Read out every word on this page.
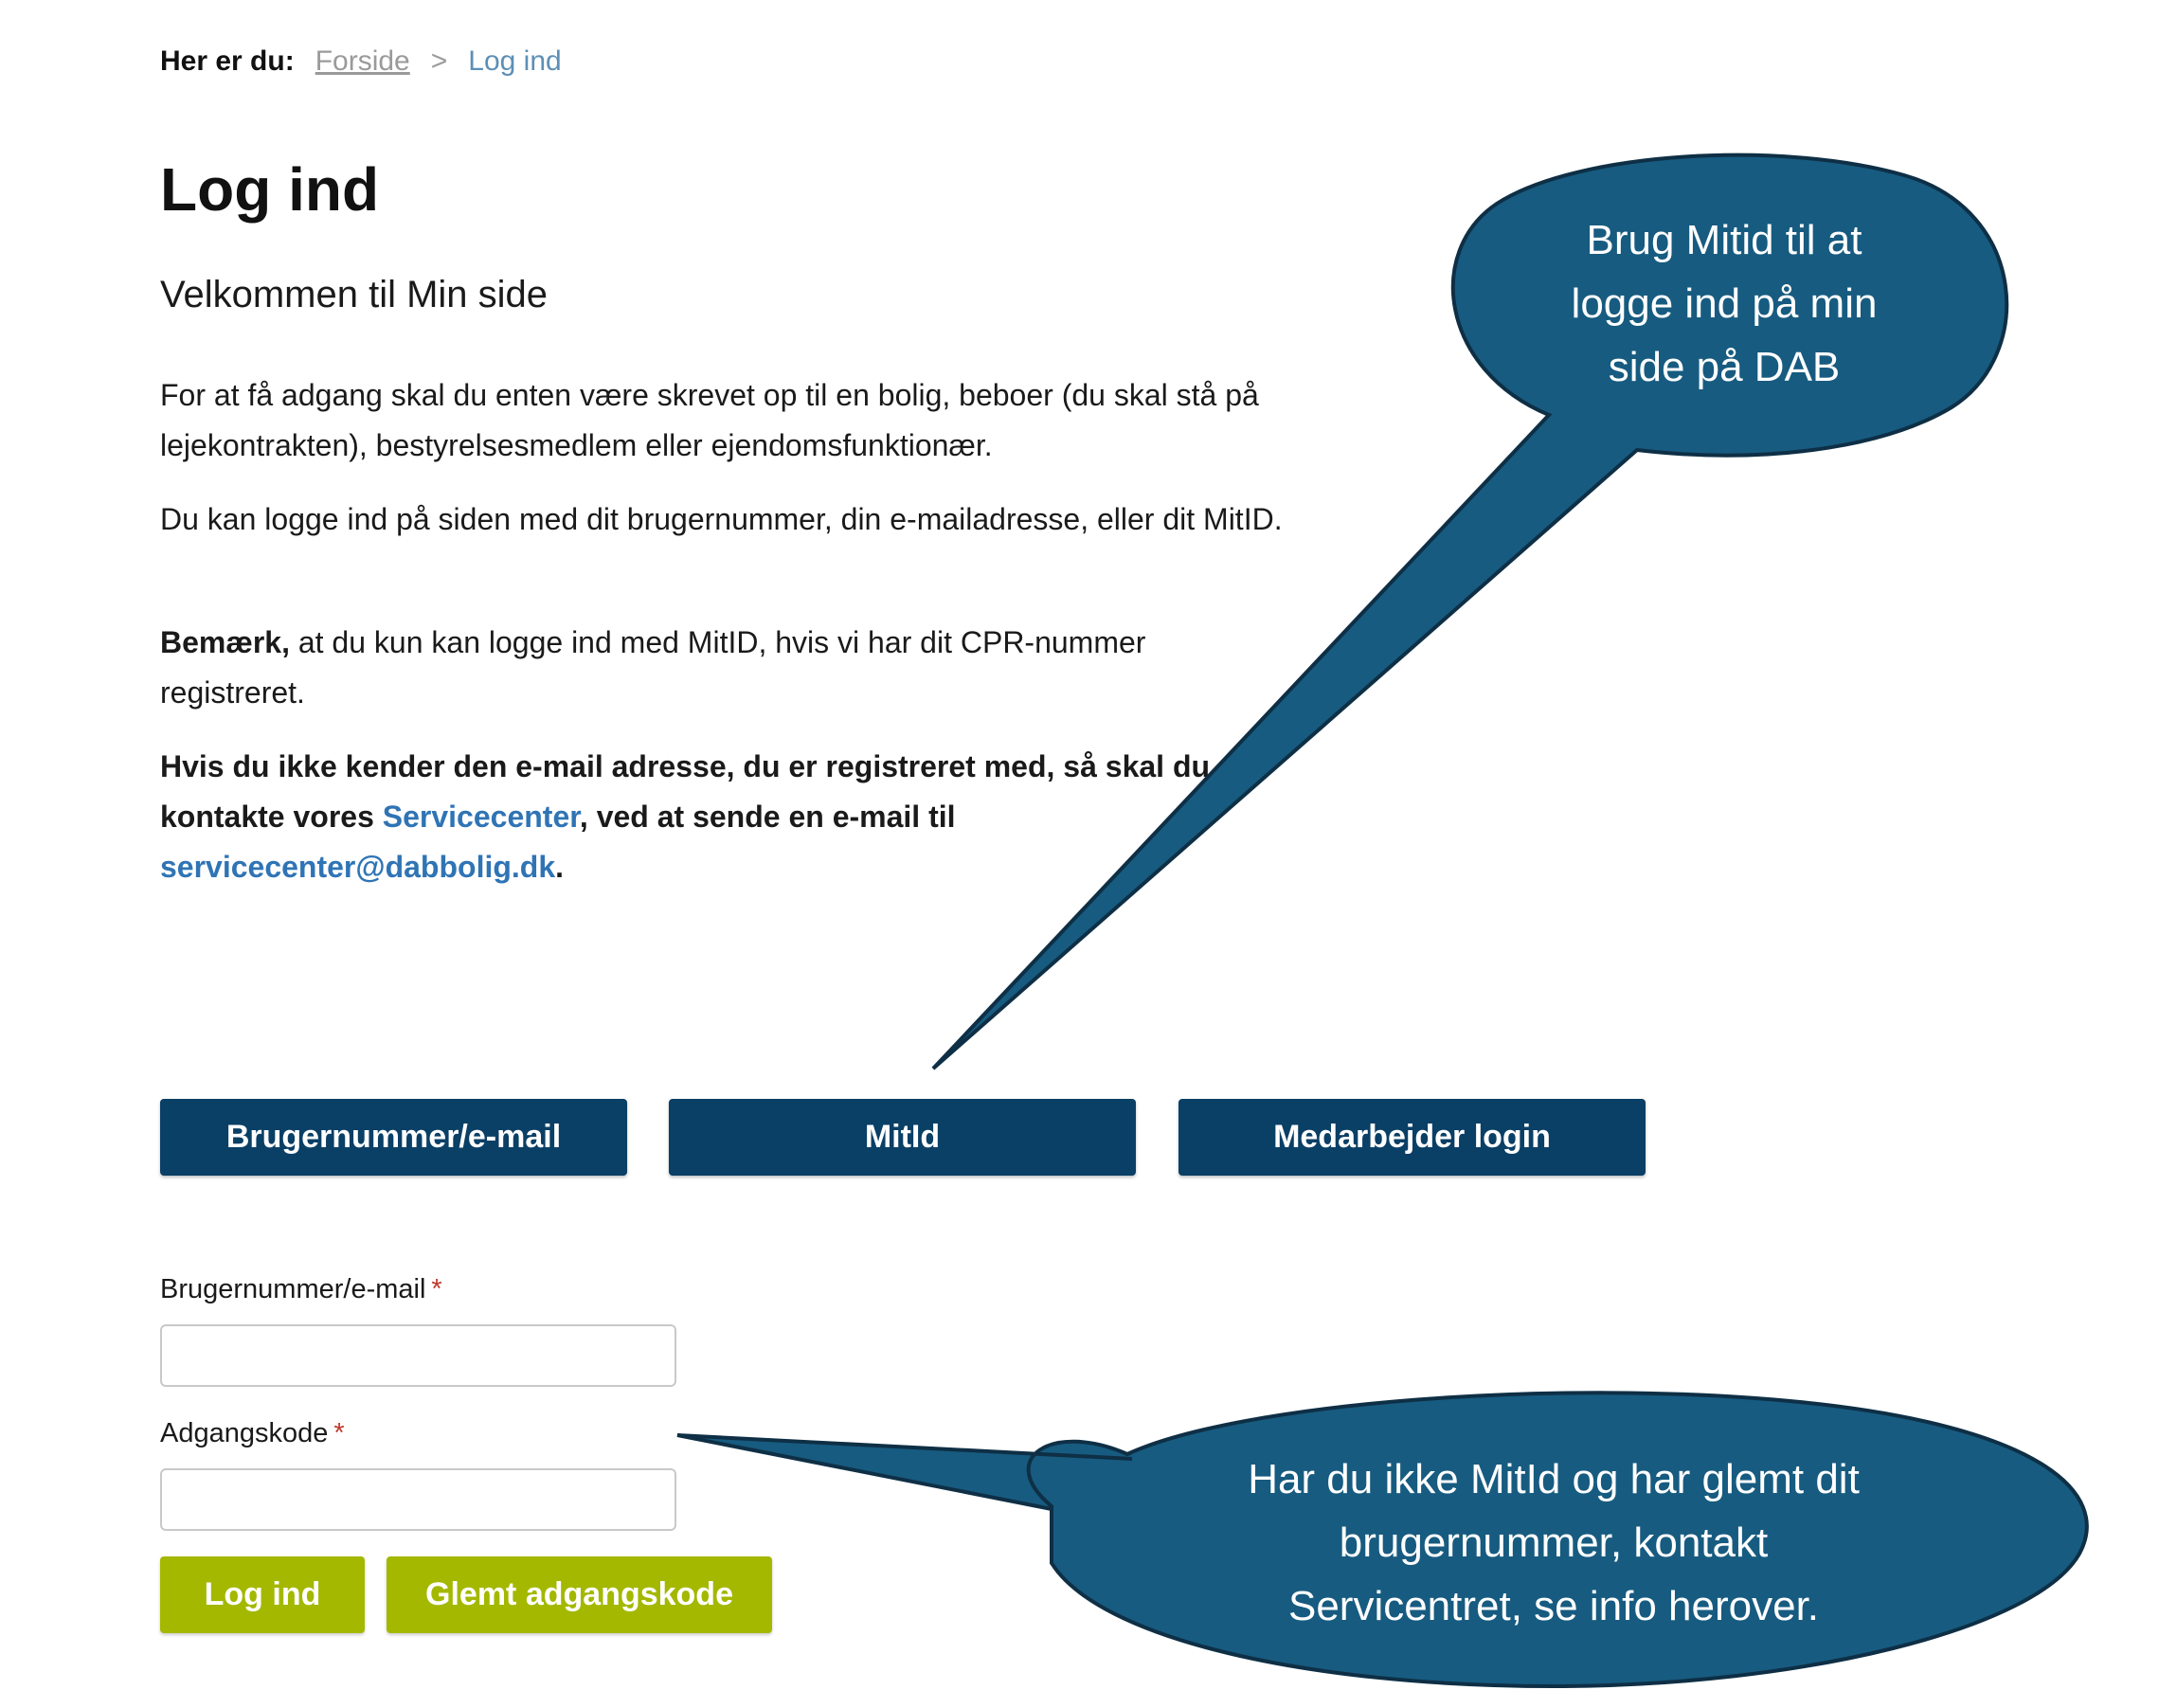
Her er du: Forside > Log ind
Log ind
Velkommen til Min side

For at få adgang skal du enten være skrevet op til en bolig, beboer (du skal stå på lejekontrakten), bestyrelsesmedlem eller ejendomsfunktionær.

Du kan logge ind på siden med dit brugernummer, din e-mailadresse, eller dit MitID.

Bemærk, at du kun kan logge ind med MitID, hvis vi har dit CPR-nummer registreret.

Hvis du ikke kender den e-mail adresse, du er registreret med, så skal du kontakte vores Servicecenter, ved at sende en e-mail til
servicecenter@dabbolig.dk.

Brugernummer/e-mail	MitId	Medarbejder login
Brugernummer/e-mail *
Adgangskode *
Log ind	Glemt adgangskode
Brug Mitid til at
logge ind på min
side på DAB
Har du ikke MitId og har glemt dit
brugernummer, kontakt
Servicentret, se info herover.
